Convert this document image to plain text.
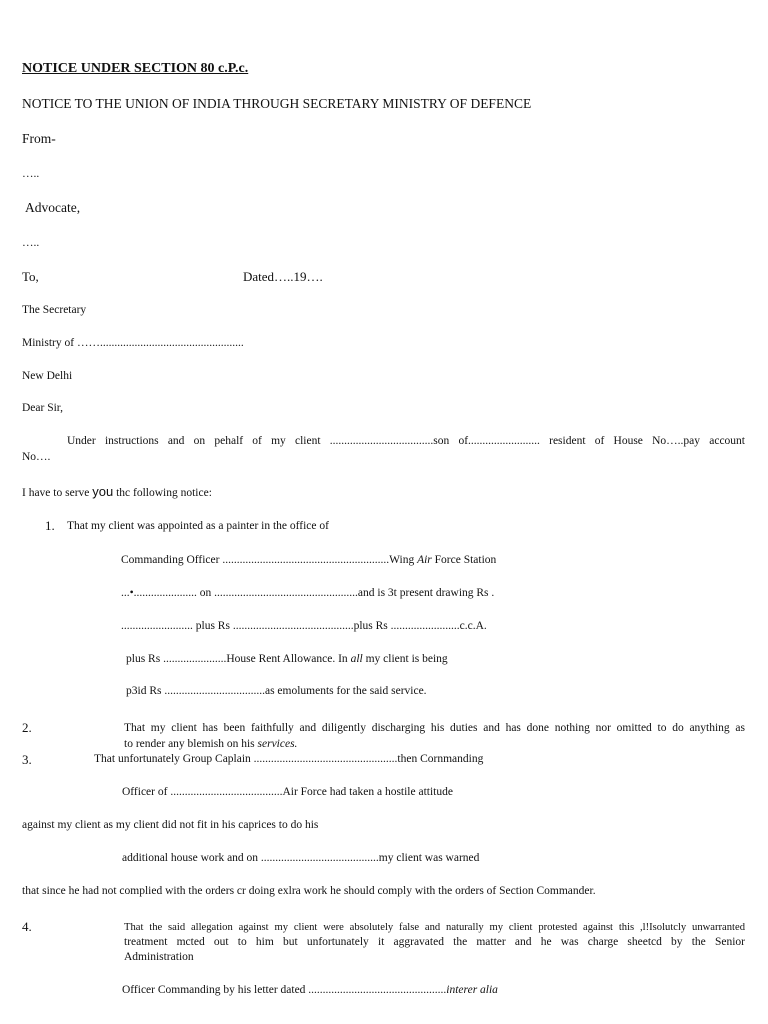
NOTICE UNDER SECTION 80 c.P.c.
NOTICE TO THE UNION OF INDIA THROUGH SECRETARY MINISTRY OF DEFENCE
From-
…..
Advocate,
…..
To,	Dated…..19….
The Secretary
Ministry of ……..................................................
New Delhi
Dear Sir,
Under instructions and on pehalf of my client ....................................son of......................... resident of House No…..pay account
No….
I have to serve you thc following notice:
1. That my client was appointed as a painter in the office of
Commanding Officer ..........................................................Wing Air Force Station
...•...................... on ..................................................and is 3t present drawing Rs .
......................... plus Rs ..........................................plus Rs ........................c.c.A.
plus Rs ......................House Rent Allowance. In all my client is being
p3id Rs ...................................as emoluments for the said service.
2.	That my client has been faithfully and diligently discharging his duties and has done nothing nor omitted to do anything as
to render any blemish on his services.
3.	That unfortunately Group Caplain ..................................................then Cornmanding
Officer of .......................................Air Force had taken a hostile attitude
against my client as my client did not fit in his caprices to do his
additional house work and on .........................................my client was warned
that since he had not complied with the orders cr doing exlra work he should comply with the orders of Section Commander.
4.	That the said allegation against my client were absolutely false and naturally my client protested against this ,l!Isolutcly unwarranted
treatment mcted out to him but unfortunately it aggravated the matter and he was charge sheetcd by the Senior
Administration
Officer Commanding by his letter dated ................................................interer alia
